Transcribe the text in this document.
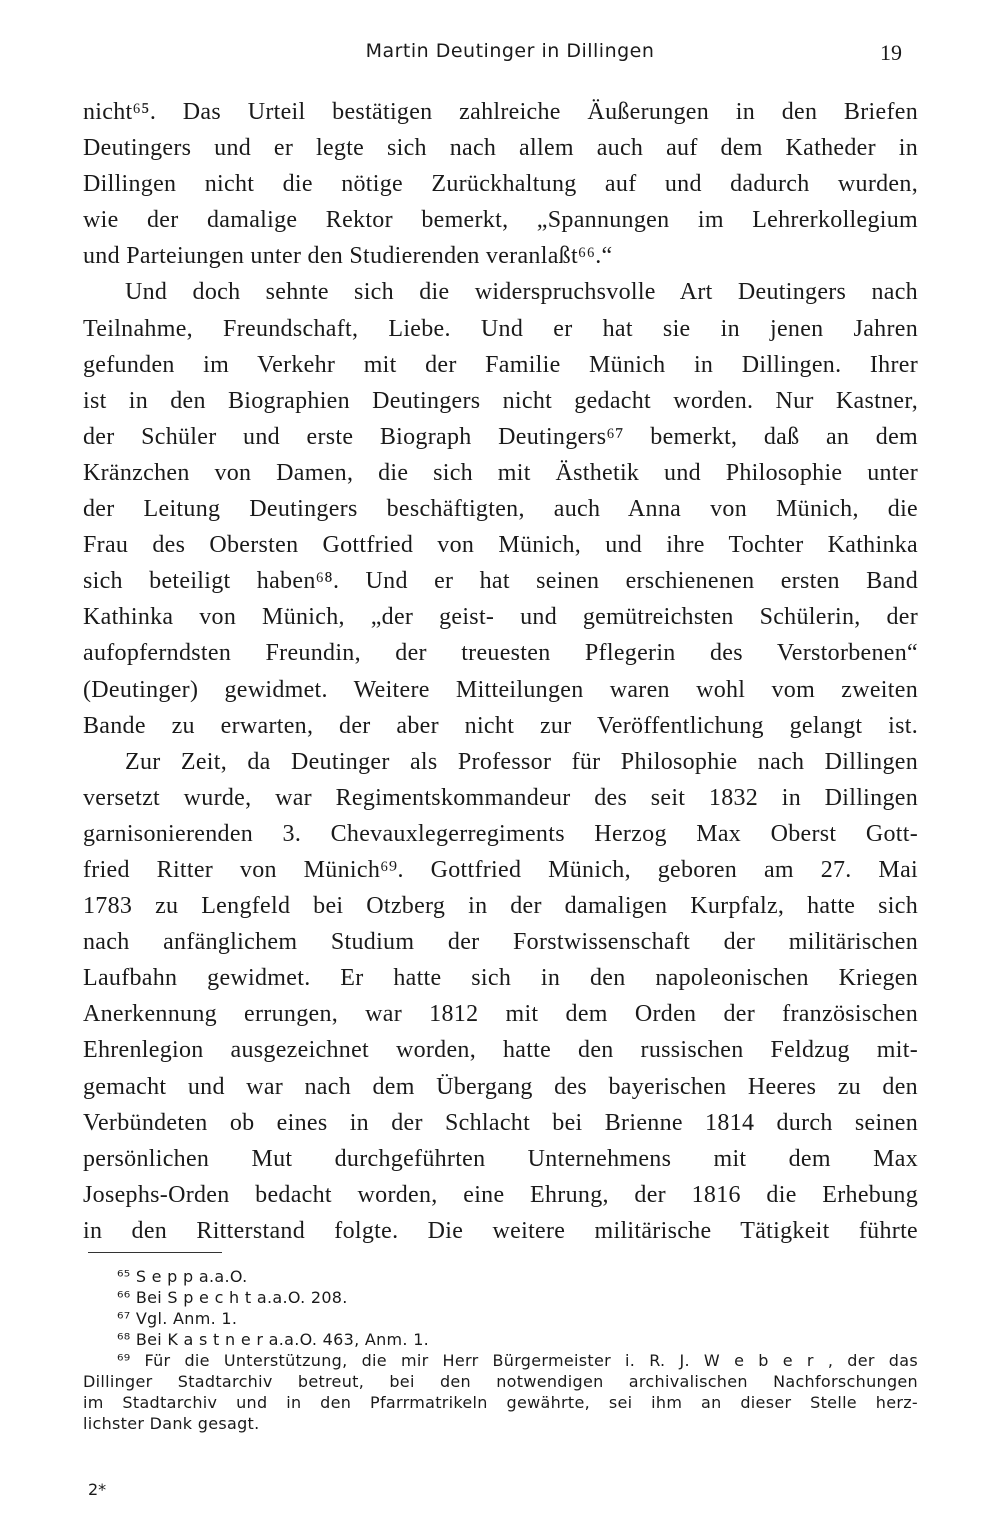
Martin Deutinger in Dillingen	19
nicht⁶⁵. Das Urteil bestätigen zahlreiche Äußerungen in den Briefen
Deutingers und er legte sich nach allem auch auf dem Katheder in
Dillingen nicht die nötige Zurückhaltung auf und dadurch wurden,
wie der damalige Rektor bemerkt, „Spannungen im Lehrerkollegium
und Parteiungen unter den Studierenden veranlaßt⁶⁶.“
Und doch sehnte sich die widerspruchsvolle Art Deutingers nach
Teilnahme, Freundschaft, Liebe. Und er hat sie in jenen Jahren
gefunden im Verkehr mit der Familie Münich in Dillingen. Ihrer
ist in den Biographien Deutingers nicht gedacht worden. Nur Kastner,
der Schüler und erste Biograph Deutingers⁶⁷ bemerkt, daß an dem
Kränzchen von Damen, die sich mit Ästhetik und Philosophie unter
der Leitung Deutingers beschäftigten, auch Anna von Münich, die
Frau des Obersten Gottfried von Münich, und ihre Tochter Kathinka
sich beteiligt haben⁶⁸. Und er hat seinen erschienenen ersten Band
Kathinka von Münich, „der geist- und gemütreichsten Schülerin, der
aufopferndsten Freundin, der treuesten Pflegerin des Verstorbenen“
(Deutinger) gewidmet. Weitere Mitteilungen waren wohl vom zweiten
Bande zu erwarten, der aber nicht zur Veröffentlichung gelangt ist.
Zur Zeit, da Deutinger als Professor für Philosophie nach Dillingen
versetzt wurde, war Regimentskommandeur des seit 1832 in Dillingen
garnisonierenden 3. Chevauxlegerregiments Herzog Max Oberst Gott-
fried Ritter von Münich⁶⁹. Gottfried Münich, geboren am 27. Mai
1783 zu Lengfeld bei Otzberg in der damaligen Kurpfalz, hatte sich
nach anfänglichem Studium der Forstwissenschaft der militärischen
Laufbahn gewidmet. Er hatte sich in den napoleonischen Kriegen
Anerkennung errungen, war 1812 mit dem Orden der französischen
Ehrenlegion ausgezeichnet worden, hatte den russischen Feldzug mit-
gemacht und war nach dem Übergang des bayerischen Heeres zu den
Verbündeten ob eines in der Schlacht bei Brienne 1814 durch seinen
persönlichen Mut durchgeführten Unternehmens mit dem Max
Josephs-Orden bedacht worden, eine Ehrung, der 1816 die Erhebung
in den Ritterstand folgte. Die weitere militärische Tätigkeit führte
⁶⁵ S e p p a.a.O.
⁶⁶ Bei S p e c h t a.a.O. 208.
⁶⁷ Vgl. Anm. 1.
⁶⁸ Bei K a s t n e r a.a.O. 463, Anm. 1.
⁶⁹ Für die Unterstützung, die mir Herr Bürgermeister i. R. J. W e b e r , der das
Dillinger Stadtarchiv betreut, bei den notwendigen archivalischen Nachforschungen
im Stadtarchiv und in den Pfarrmatrikeln gewährte, sei ihm an dieser Stelle herz-
lichster Dank gesagt.
2*
